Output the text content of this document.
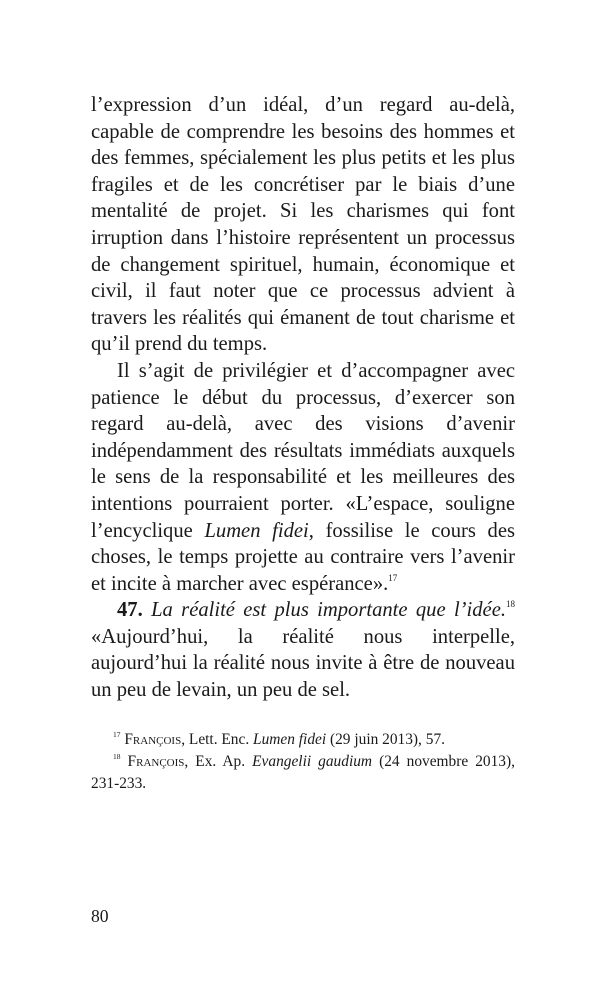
l’expression d’un idéal, d’un regard au-delà, capable de comprendre les besoins des hommes et des femmes, spécialement les plus petits et les plus fragiles et de les concrétiser par le biais d’une mentalité de projet. Si les charismes qui font irruption dans l’histoire représentent un processus de changement spirituel, humain, économique et civil, il faut noter que ce processus advient à travers les réalités qui émanent de tout charisme et qu’il prend du temps.

Il s’agit de privilégier et d’accompagner avec patience le début du processus, d’exercer son regard au-delà, avec des visions d’avenir indépendamment des résultats immédiats auxquels le sens de la responsabilité et les meilleures des intentions pourraient porter. «L’espace, souligne l’encyclique Lumen fidei, fossilise le cours des choses, le temps projette au contraire vers l’avenir et incite à marcher avec espérance».$^{17}$

47. La réalité est plus importante que l’idée.$^{18}$ «Aujourd’hui, la réalité nous interpelle, aujourd’hui la réalité nous invite à être de nouveau un peu de levain, un peu de sel.

$^{17}$ François, Lett. Enc. Lumen fidei (29 juin 2013), 57.

$^{18}$ François, Ex. Ap. Evangelii gaudium (24 novembre 2013), 231-233.

80
